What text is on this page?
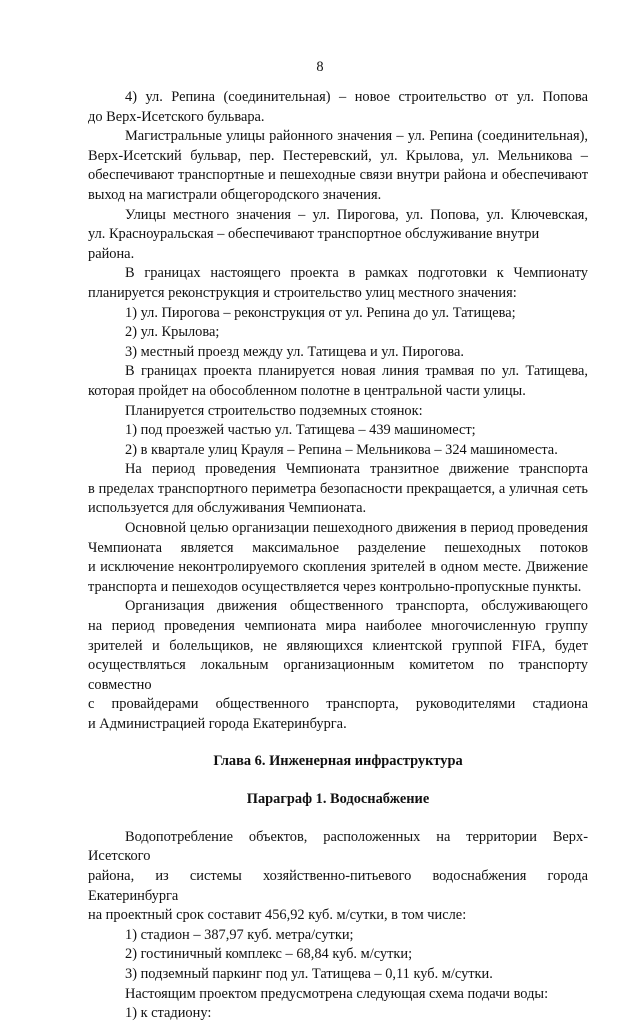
8

4) ул. Репина (соединительная) – новое строительство от ул. Попова

до Верх-Исетского бульвара.

Магистральные улицы районного значения – ул. Репина (соединительная),

Верх-Исетский бульвар, пер. Пестеревский, ул. Крылова, ул. Мельникова –

обеспечивают транспортные и пешеходные связи внутри района и обеспечивают

выход на магистрали общегородского значения.

Улицы местного значения – ул. Пирогова, ул. Попова, ул. Ключевская,

ул. Красноуральская – обеспечивают транспортное обслуживание внутри района.

В границах настоящего проекта в рамках подготовки к Чемпионату

планируется реконструкция и строительство улиц местного значения:

1) ул. Пирогова – реконструкция от ул. Репина до ул. Татищева;

2) ул. Крылова;

3) местный проезд между ул. Татищева и ул. Пирогова.

В границах проекта планируется новая линия трамвая по ул. Татищева,

которая пройдет на обособленном полотне в центральной части улицы.

Планируется строительство подземных стоянок:

1) под проезжей частью ул. Татищева – 439 машиномест;

2) в квартале улиц Крауля – Репина – Мельникова – 324 машиноместа.

На период проведения Чемпионата транзитное движение транспорта

в пределах транспортного периметра безопасности прекращается, а уличная сеть

используется для обслуживания Чемпионата.

Основной целью организации пешеходного движения в период проведения

Чемпионата является максимальное разделение пешеходных потоков

и исключение неконтролируемого скопления зрителей в одном месте. Движение

транспорта и пешеходов осуществляется через контрольно-пропускные пункты.

Организация движения общественного транспорта, обслуживающего

на период проведения чемпионата мира наиболее многочисленную группу

зрителей и болельщиков, не являющихся клиентской группой FIFA, будет

осуществляться локальным организационным комитетом по транспорту совместно

с провайдерами общественного транспорта, руководителями стадиона

и Администрацией города Екатеринбурга.

Глава 6. Инженерная инфраструктура

Параграф 1. Водоснабжение

Водопотребление объектов, расположенных на территории Верх-Исетского

района, из системы хозяйственно-питьевого водоснабжения города Екатеринбурга

на проектный срок составит 456,92 куб. м/сутки, в том числе:

1) стадион – 387,97 куб. метра/сутки;

2) гостиничный комплекс – 68,84 куб. м/сутки;

3) подземный паркинг под ул. Татищева – 0,11 куб. м/сутки.

Настоящим проектом предусмотрена следующая схема подачи воды:

1) к стадиону:
